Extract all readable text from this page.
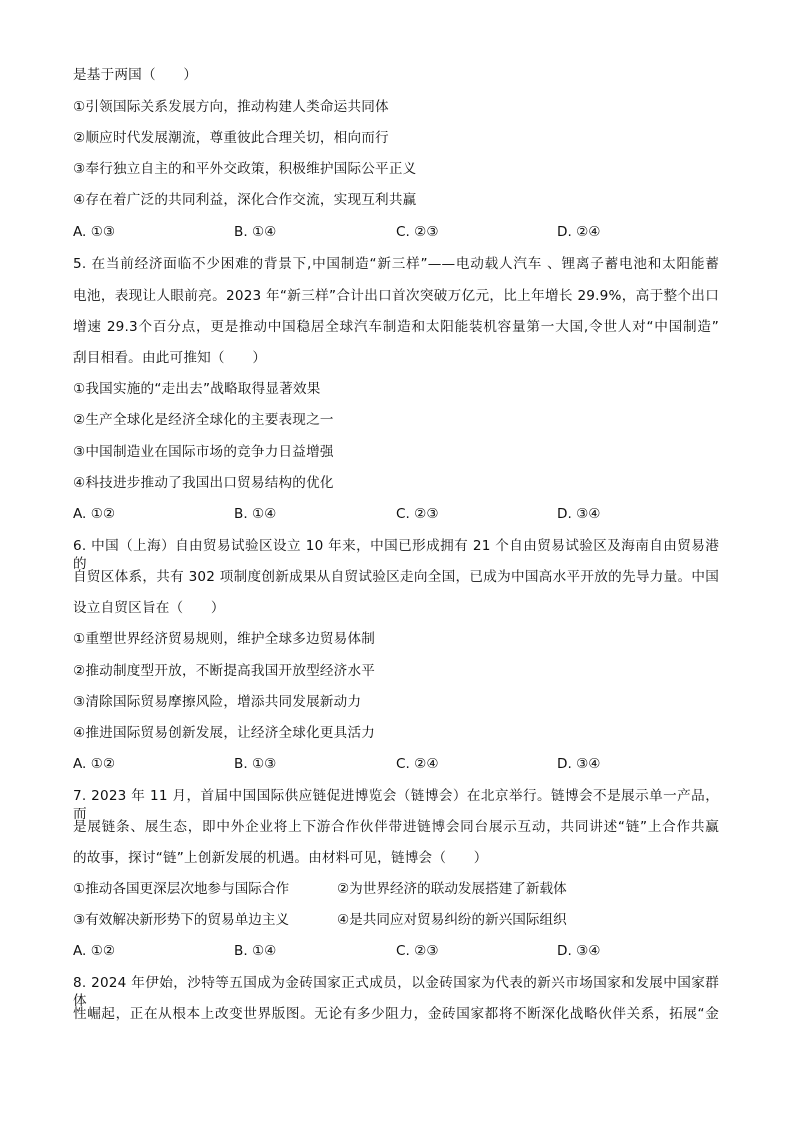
是基于两国（　　）
①引领国际关系发展方向，推动构建人类命运共同体
②顺应时代发展潮流，尊重彼此合理关切，相向而行
③奉行独立自主的和平外交政策，积极维护国际公平正义
④存在着广泛的共同利益，深化合作交流，实现互利共赢
A. ①③	B. ①④	C. ②③	D. ②④
5. 在当前经济面临不少困难的背景下,中国制造“新三样”——电动载人汽车 、锂离子蓄电池和太阳能蓄
电池，表现让人眼前亮。2023 年“新三样”合计出口首次突破万亿元，比上年增长 29.9%，高于整个出口
增速 29.3个百分点，更是推动中国稳居全球汽车制造和太阳能装机容量第一大国,令世人对“中国制造”
刮目相看。由此可推知（　　）
①我国实施的“走出去”战略取得显著效果
②生产全球化是经济全球化的主要表现之一
③中国制造业在国际市场的竞争力日益增强
④科技进步推动了我国出口贸易结构的优化
A. ①②	B. ①④	C. ②③	D. ③④
6. 中国（上海）自由贸易试验区设立 10 年来，中国已形成拥有 21 个自由贸易试验区及海南自由贸易港的
自贸区体系，共有 302 项制度创新成果从自贸试验区走向全国，已成为中国高水平开放的先导力量。中国
设立自贸区旨在（　　）
①重塑世界经济贸易规则，维护全球多边贸易体制
②推动制度型开放，不断提高我国开放型经济水平
③清除国际贸易摩擦风险，增添共同发展新动力
④推进国际贸易创新发展，让经济全球化更具活力
A. ①②	B. ①③	C. ②④	D. ③④
7. 2023 年 11 月，首届中国国际供应链促进博览会（链博会）在北京举行。链博会不是展示单一产品，而
是展链条、展生态，即中外企业将上下游合作伙伴带进链博会同台展示互动，共同讲述“链”上合作共赢
的故事，探讨“链”上创新发展的机遇。由材料可见，链博会（　　）
①推动各国更深层次地参与国际合作	②为世界经济的联动发展搭建了新载体
③有效解决新形势下的贸易单边主义	④是共同应对贸易纠纷的新兴国际组织
A. ①②	B. ①④	C. ②③	D. ③④
8. 2024 年伊始，沙特等五国成为金砖国家正式成员，以金砖国家为代表的新兴市场国家和发展中国家群体
性崛起，正在从根本上改变世界版图。无论有多少阻力，金砖国家都将不断深化战略伙伴关系，拓展“金
